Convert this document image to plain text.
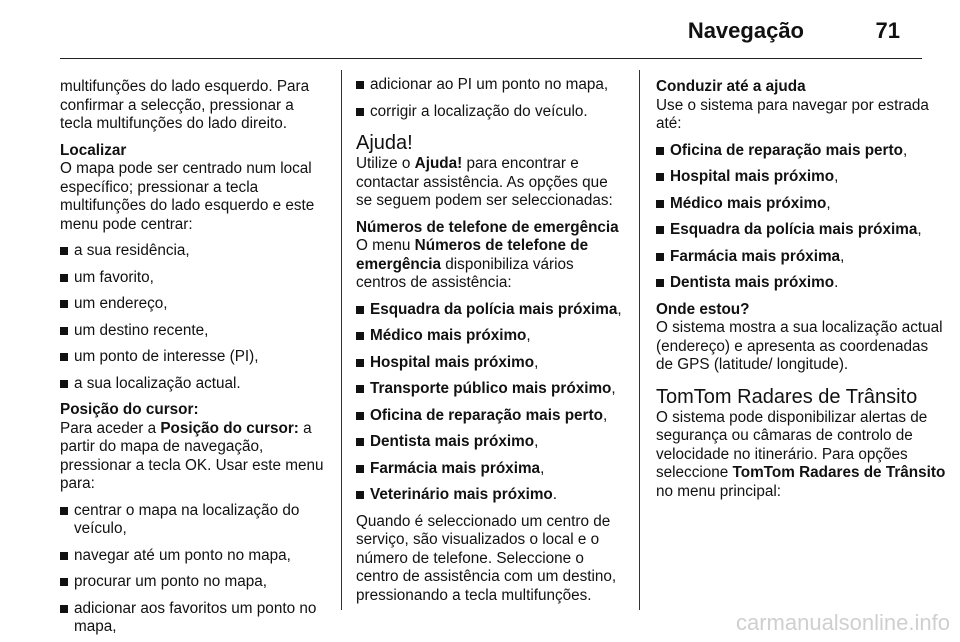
Navegação	71

multifunções do lado esquerdo. Para confirmar a selecção, pressionar a tecla multifunções do lado direito.

Localizar

O mapa pode ser centrado num local específico; pressionar a tecla multifunções do lado esquerdo e este menu pode centrar:

a sua residência,
um favorito,
um endereço,
um destino recente,
um ponto de interesse (PI),
a sua localização actual.

Posição do cursor:

Para aceder a Posição do cursor: a partir do mapa de navegação, pressionar a tecla OK. Usar este menu para:

centrar o mapa na localização do veículo,
navegar até um ponto no mapa,
procurar um ponto no mapa,
adicionar aos favoritos um ponto no mapa,
adicionar ao PI um ponto no mapa,
corrigir a localização do veículo.
Ajuda!

Utilize o Ajuda! para encontrar e contactar assistência. As opções que se seguem podem ser seleccionadas:

Números de telefone de emergência

O menu Números de telefone de emergência disponibiliza vários centros de assistência:

Esquadra da polícia mais próxima,
Médico mais próximo,
Hospital mais próximo,
Transporte público mais próximo,
Oficina de reparação mais perto,
Dentista mais próximo,
Farmácia mais próxima,
Veterinário mais próximo.

Quando é seleccionado um centro de serviço, são visualizados o local e o número de telefone. Seleccione o centro de assistência com um destino, pressionando a tecla multifunções.

Conduzir até a ajuda

Use o sistema para navegar por estrada até:

Oficina de reparação mais perto,
Hospital mais próximo,
Médico mais próximo,
Esquadra da polícia mais próxima,
Farmácia mais próxima,
Dentista mais próximo.

Onde estou?

O sistema mostra a sua localização actual (endereço) e apresenta as coordenadas de GPS (latitude/ longitude).

TomTom Radares de Trânsito

O sistema pode disponibilizar alertas de segurança ou câmaras de controlo de velocidade no itinerário. Para opções seleccione TomTom Radares de Trânsito no menu principal:

carmanualsonline.info
